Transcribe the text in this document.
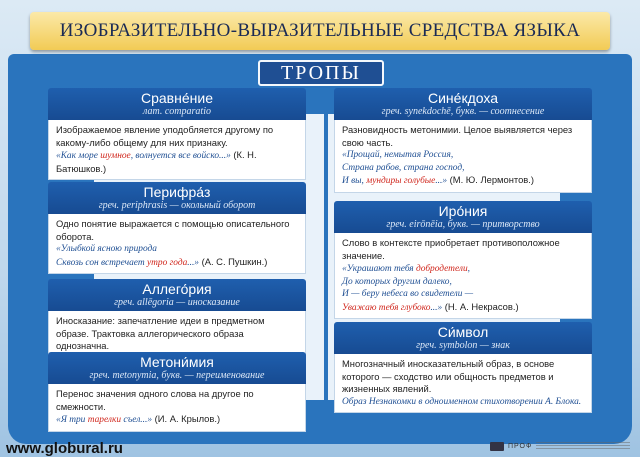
ИЗОБРАЗИТЕЛЬНО-ВЫРАЗИТЕЛЬНЫЕ СРЕДСТВА ЯЗЫКА
ТРОПЫ
Сравне́ние
лат. comparatio

Изображаемое явление уподобляется другому по какому-либо общему для них признаку.

«Как море шумное, волнуется все войско...» (К. Н. Батюшков.)

Перифра́з
греч. periphrasis — окольный оборот

Одно понятие выражается с помощью описательного оборота.

«Улыбкой ясною природа

Сквозь сон встречает утро года...» (А. С. Пушкин.)

Аллего́рия
греч. allēgoria — иносказание

Иносказание: запечатление идеи в предметном образе. Трактовка аллегорического образа однозначна.

Метони́мия
греч. metonymia, букв. — переименование

Перенос значения одного слова на другое по смежности.

«Я три тарелки съел...» (И. А. Крылов.)

Сине́кдоха
греч. synekdochē, букв. — соотнесение

Разновидность метонимии. Целое выявляется через свою часть.

«Прощай, немытая Россия,

Страна рабов, страна господ,

И вы, мундиры голубые...» (М. Ю. Лермонтов.)

Иро́ния
греч. eirōnēia, букв. — притворство

Слово в контексте приобретает противоположное значение.

«Украшают тебя добродетели,

До которых другим далеко,

И — беру небеса во свидетели —

Уважаю тебя глубоко...» (Н. А. Некрасов.)

Си́мвол
греч. symbolon — знак

Многозначный иносказательный образ, в основе которого — сходство или общность предметов и жизненных явлений.

Образ Незнакомки в одноименном стихотворении А. Блока.

www.globural.ru	ПРОФ
